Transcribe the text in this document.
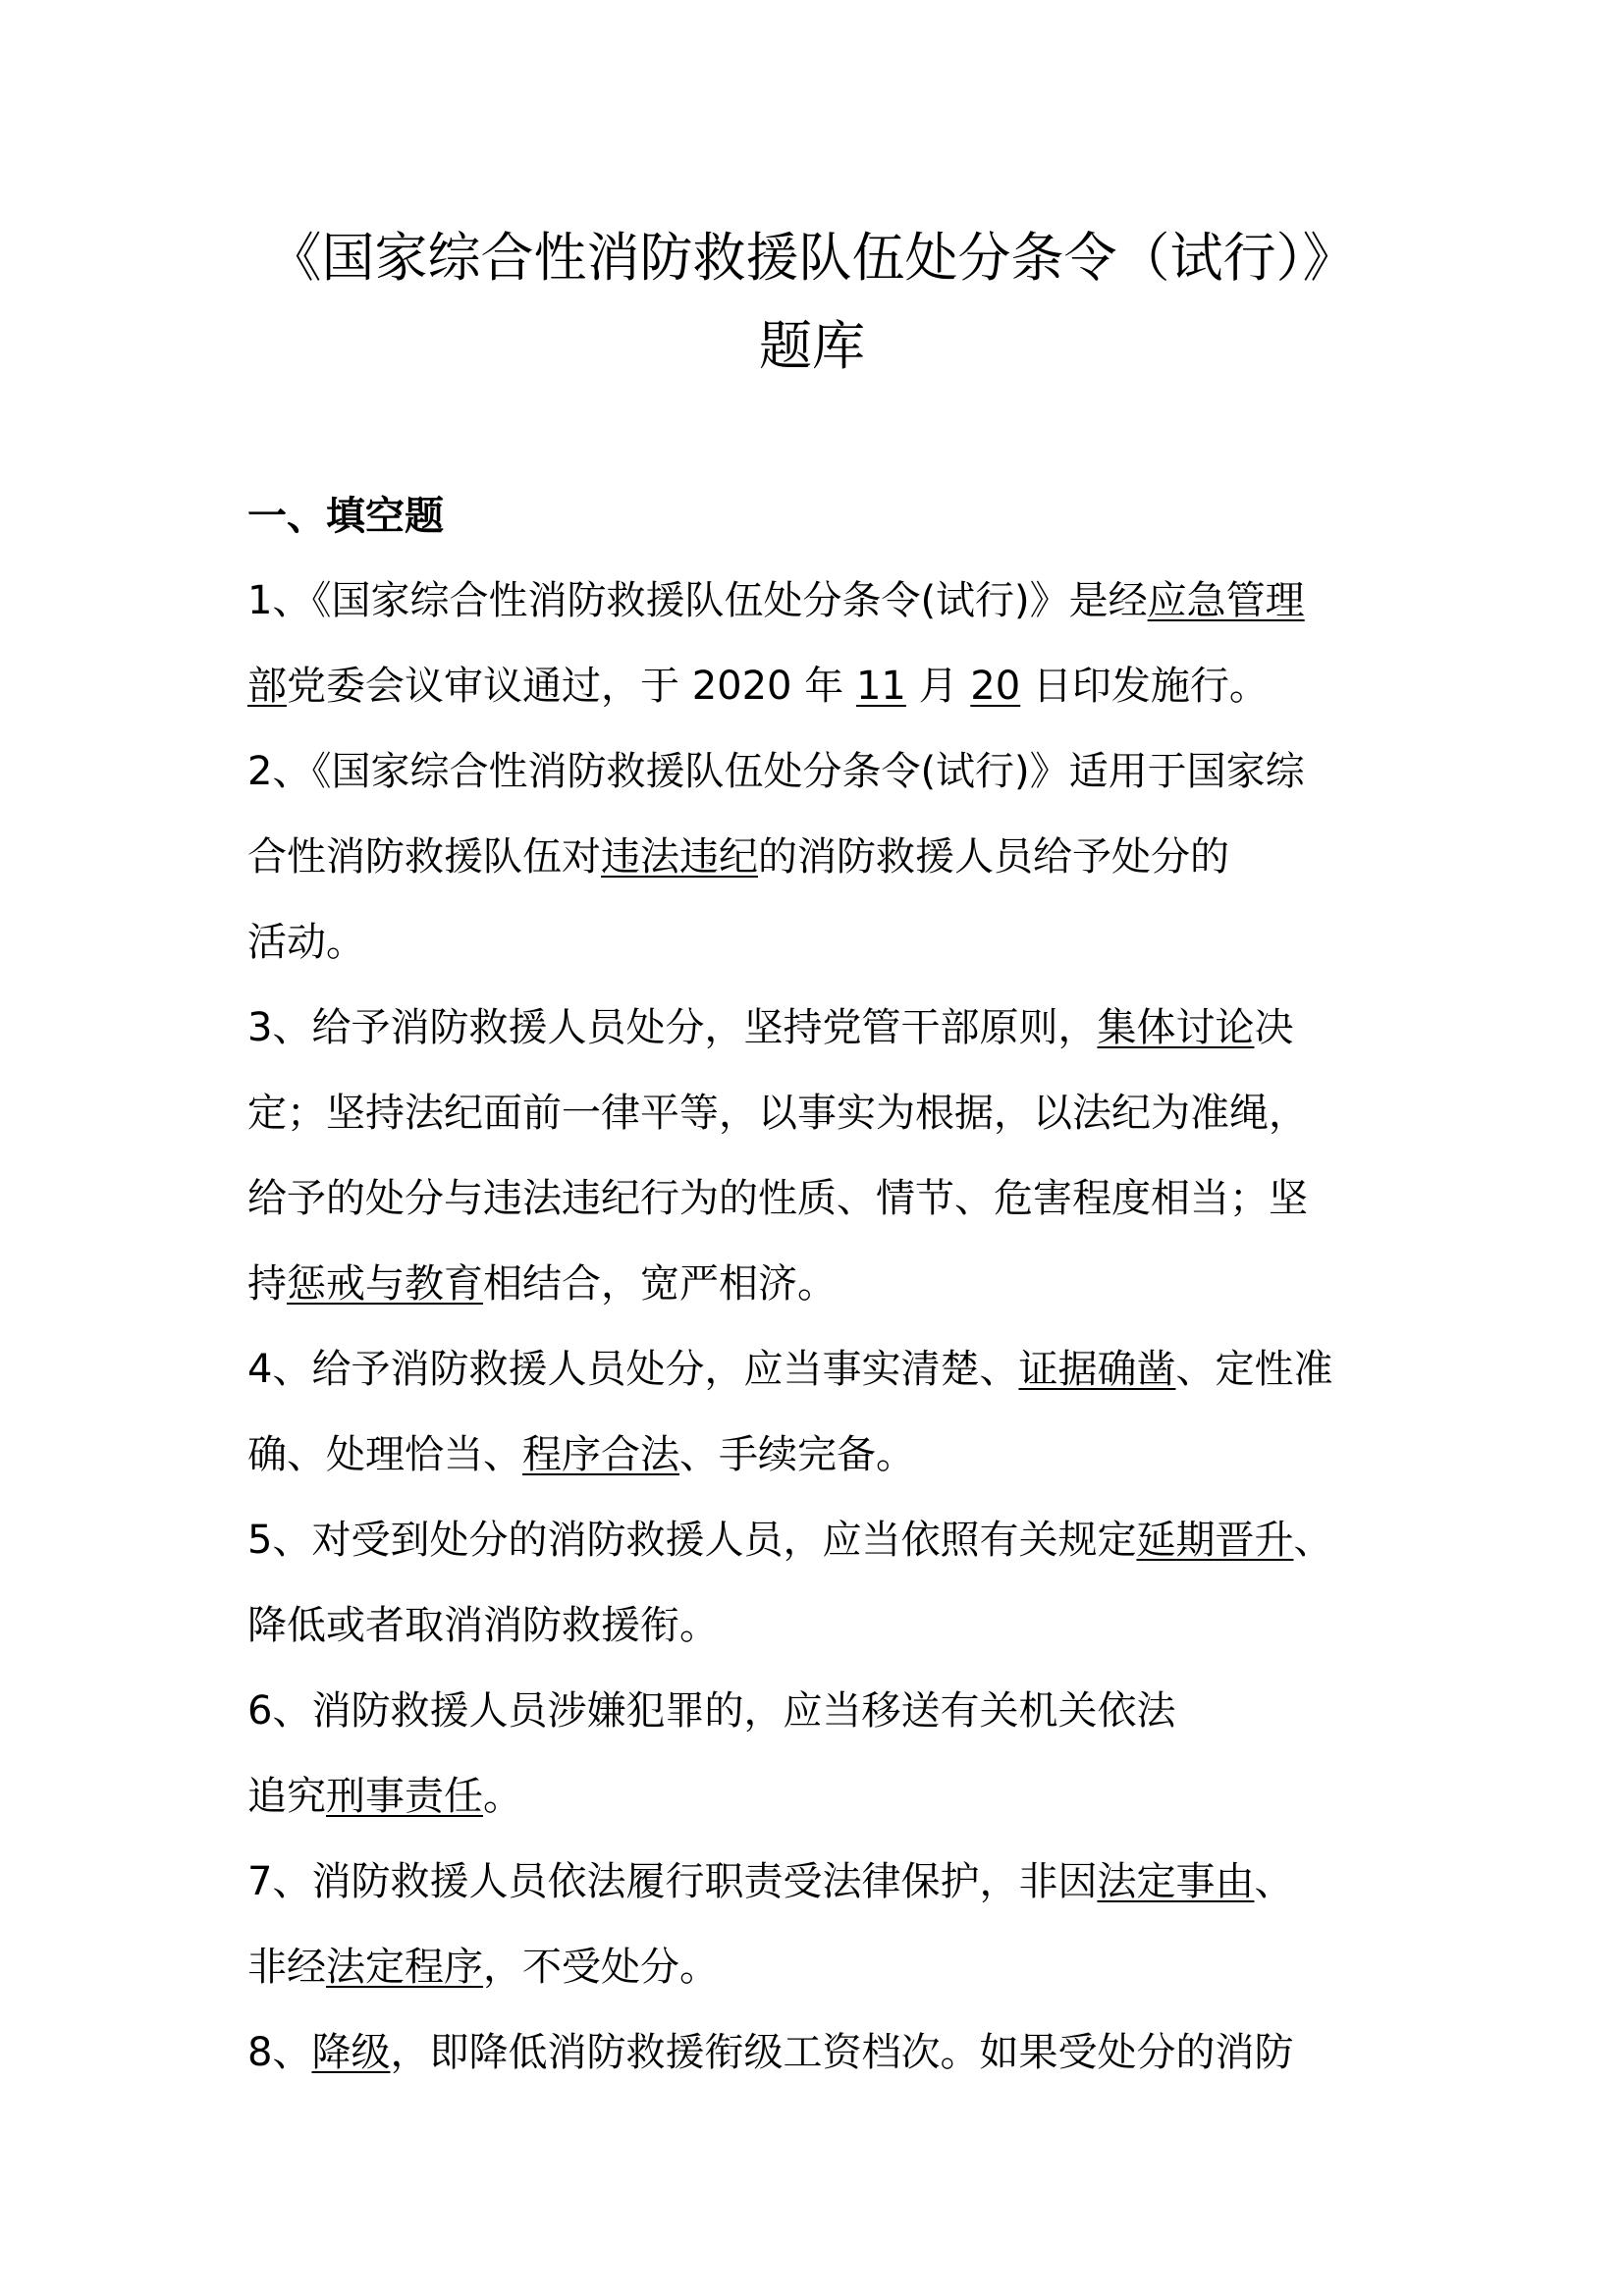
《国家综合性消防救援队伍处分条令（试行）》
题库
一、填空题
1、《国家综合性消防救援队伍处分条令(试行)》是经应急管理
部党委会议审议通过，于 2020 年 11 月 20 日印发施行。
2、《国家综合性消防救援队伍处分条令(试行)》适用于国家综
合性消防救援队伍对违法违纪的消防救援人员给予处分的
活动。
3、给予消防救援人员处分，坚持党管干部原则，集体讨论决
定；坚持法纪面前一律平等，以事实为根据，以法纪为准绳，
给予的处分与违法违纪行为的性质、情节、危害程度相当；坚
持惩戒与教育相结合，宽严相济。
4、给予消防救援人员处分，应当事实清楚、证据确凿、定性准
确、处理恰当、程序合法、手续完备。
5、对受到处分的消防救援人员，应当依照有关规定延期晋升、
降低或者取消消防救援衔。
6、消防救援人员涉嫌犯罪的，应当移送有关机关依法
追究刑事责任。
7、消防救援人员依法履行职责受法律保护，非因法定事由、
非经法定程序，不受处分。
8、降级，即降低消防救援衔级工资档次。如果受处分的消防
